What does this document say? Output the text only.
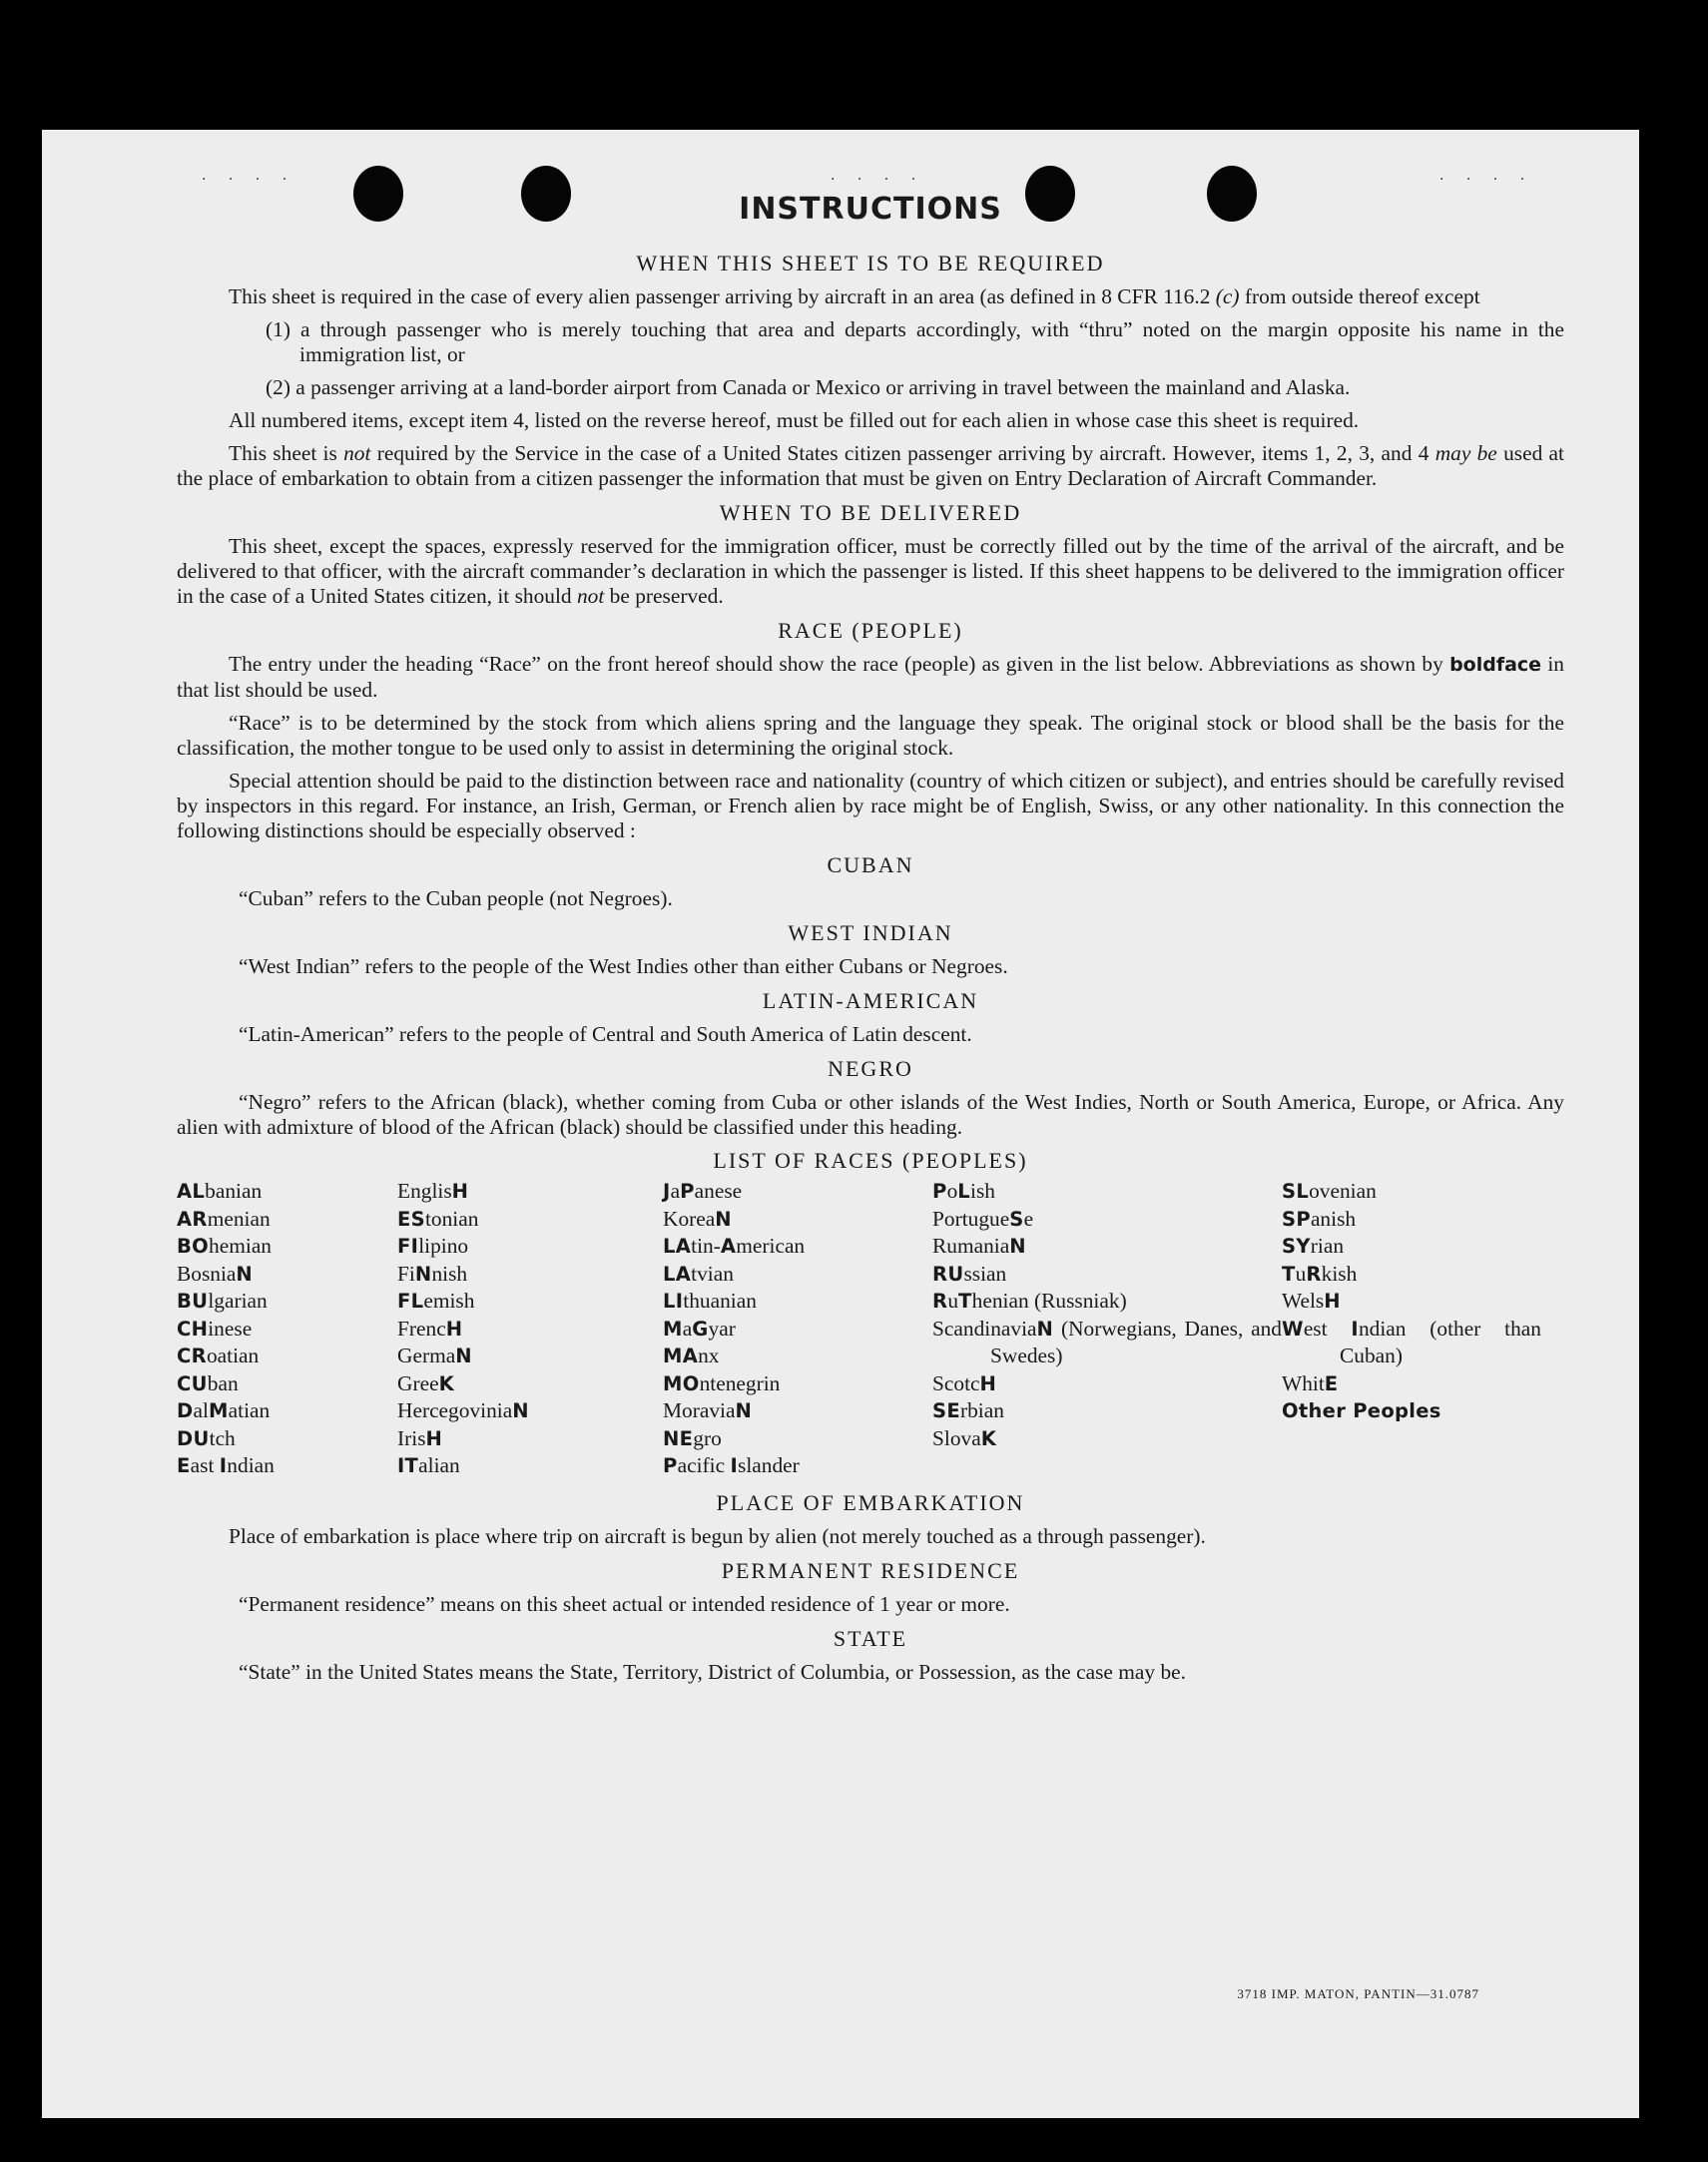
. . . .	. . . .	. . . .
INSTRUCTIONS
WHEN THIS SHEET IS TO BE REQUIRED

This sheet is required in the case of every alien passenger arriving by aircraft in an area (as defined in 8 CFR 116.2 (c) from outside thereof except

(1) a through passenger who is merely touching that area and departs accordingly, with “thru” noted on the margin opposite his name in the immigration list, or

(2) a passenger arriving at a land-border airport from Canada or Mexico or arriving in travel between the mainland and Alaska.

All numbered items, except item 4, listed on the reverse hereof, must be filled out for each alien in whose case this sheet is required.

This sheet is not required by the Service in the case of a United States citizen passenger arriving by aircraft. However, items 1, 2, 3, and 4 may be used at the place of embarkation to obtain from a citizen passenger the information that must be given on Entry Declaration of Aircraft Commander.

WHEN TO BE DELIVERED

This sheet, except the spaces, expressly reserved for the immigration officer, must be correctly filled out by the time of the arrival of the aircraft, and be delivered to that officer, with the aircraft commander’s declaration in which the passenger is listed. If this sheet happens to be delivered to the immigration officer in the case of a United States citizen, it should not be preserved.

RACE (PEOPLE)

The entry under the heading “Race” on the front hereof should show the race (people) as given in the list below. Abbreviations as shown by boldface in that list should be used.

“Race” is to be determined by the stock from which aliens spring and the language they speak. The original stock or blood shall be the basis for the classification, the mother tongue to be used only to assist in determining the original stock.

Special attention should be paid to the distinction between race and nationality (country of which citizen or subject), and entries should be carefully revised by inspectors in this regard. For instance, an Irish, German, or French alien by race might be of English, Swiss, or any other nationality. In this connection the following distinctions should be especially observed :

CUBAN

“Cuban” refers to the Cuban people (not Negroes).

WEST INDIAN

“West Indian” refers to the people of the West Indies other than either Cubans or Negroes.

LATIN-AMERICAN

“Latin-American” refers to the people of Central and South America of Latin descent.

NEGRO

“Negro” refers to the African (black), whether coming from Cuba or other islands of the West Indies, North or South America, Europe, or Africa. Any alien with admixture of blood of the African (black) should be classified under this heading.

LIST OF RACES (PEOPLES)
ALbanian
ARmenian
BOhemian
BosniaN
BUlgarian
CHinese
CRoatian
CUban
DalMatian
DUtch
East Indian
EnglisH
EStonian
FIlipino
FiNnish
FLemish
FrencH
GermaN
GreeK
HercegoviniaN
IrisH
ITalian
JaPanese
KoreaN
LAtin-American
LAtvian
LIthuanian
MaGyar
MAnx
MOntenegrin
MoraviaN
NEgro
Pacific Islander
PoLish
PortugueSe
RumaniaN
RUssian
RuThenian (Russniak)
ScandinaviaN (Norwegians, Danes, and Swedes)
ScotcH
SErbian
SlovaK
SLovenian
SPanish
SYrian
TuRkish
WelsH
West Indian (other than Cuban)
WhitE
Other Peoples
PLACE OF EMBARKATION

Place of embarkation is place where trip on aircraft is begun by alien (not merely touched as a through passenger).

PERMANENT RESIDENCE

“Permanent residence” means on this sheet actual or intended residence of 1 year or more.

STATE

“State” in the United States means the State, Territory, District of Columbia, or Possession, as the case may be.

3718 IMP. MATON, PANTIN—31.0787
